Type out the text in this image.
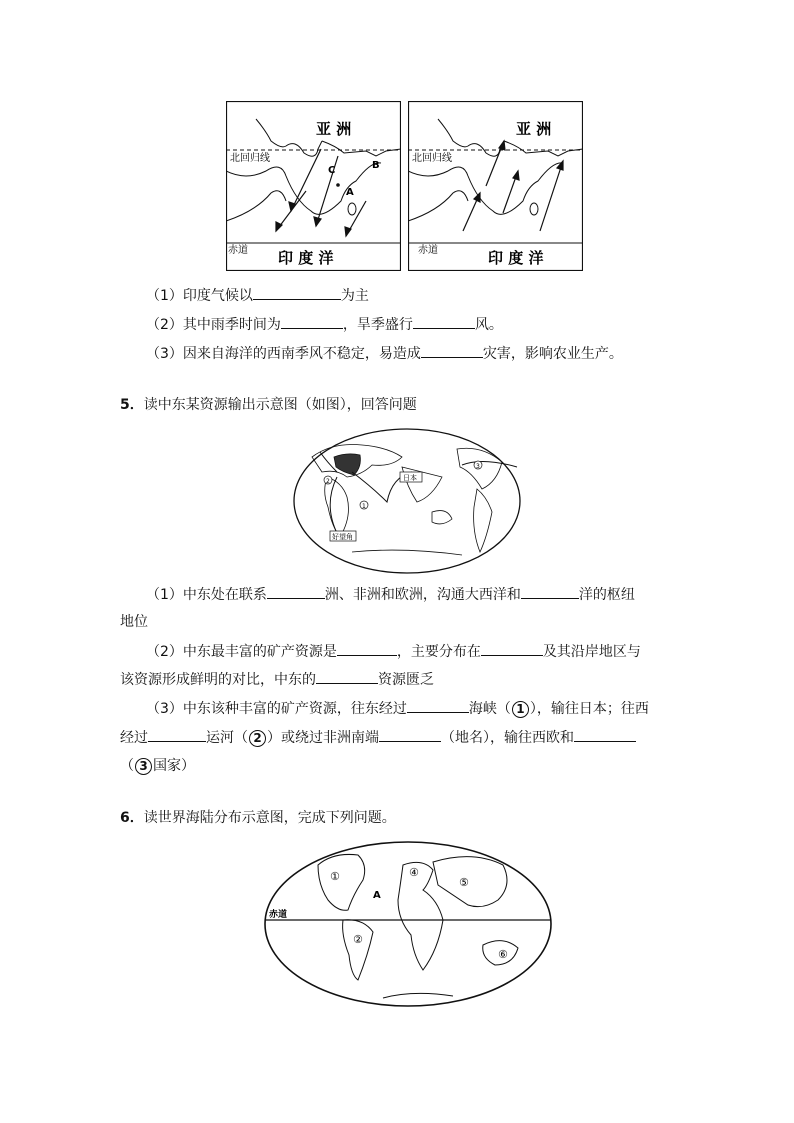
亚 洲
北回归线
C	B
A
赤道 印 度 洋
亚 洲
北回归线
赤道	印 度 洋
（1）印度气候以	为主
（2）其中雨季时间为	，旱季盛行	风。
（3）因来自海洋的西南季风不稳定，易造成	灾害，影响农业生产。
5．读中东某资源输出示意图（如图），回答问题
日本
好望角
1
2
3
（1）中东处在联系	洲、非洲和欧洲，沟通大西洋和	洋的枢纽
地位
（2）中东最丰富的矿产资源是	，主要分布在	及其沿岸地区与
该资源形成鲜明的对比，中东的	资源匮乏
（3）中东该种丰富的矿产资源，往东经过	海峡（ 1 ），输往日本；往西
经过	运河（ 2 ）或绕过非洲南端	（地名），输往西欧和
（ 3 国家）
6．读世界海陆分布示意图，完成下列问题。
赤道
A
①
②
④
⑤
⑥
